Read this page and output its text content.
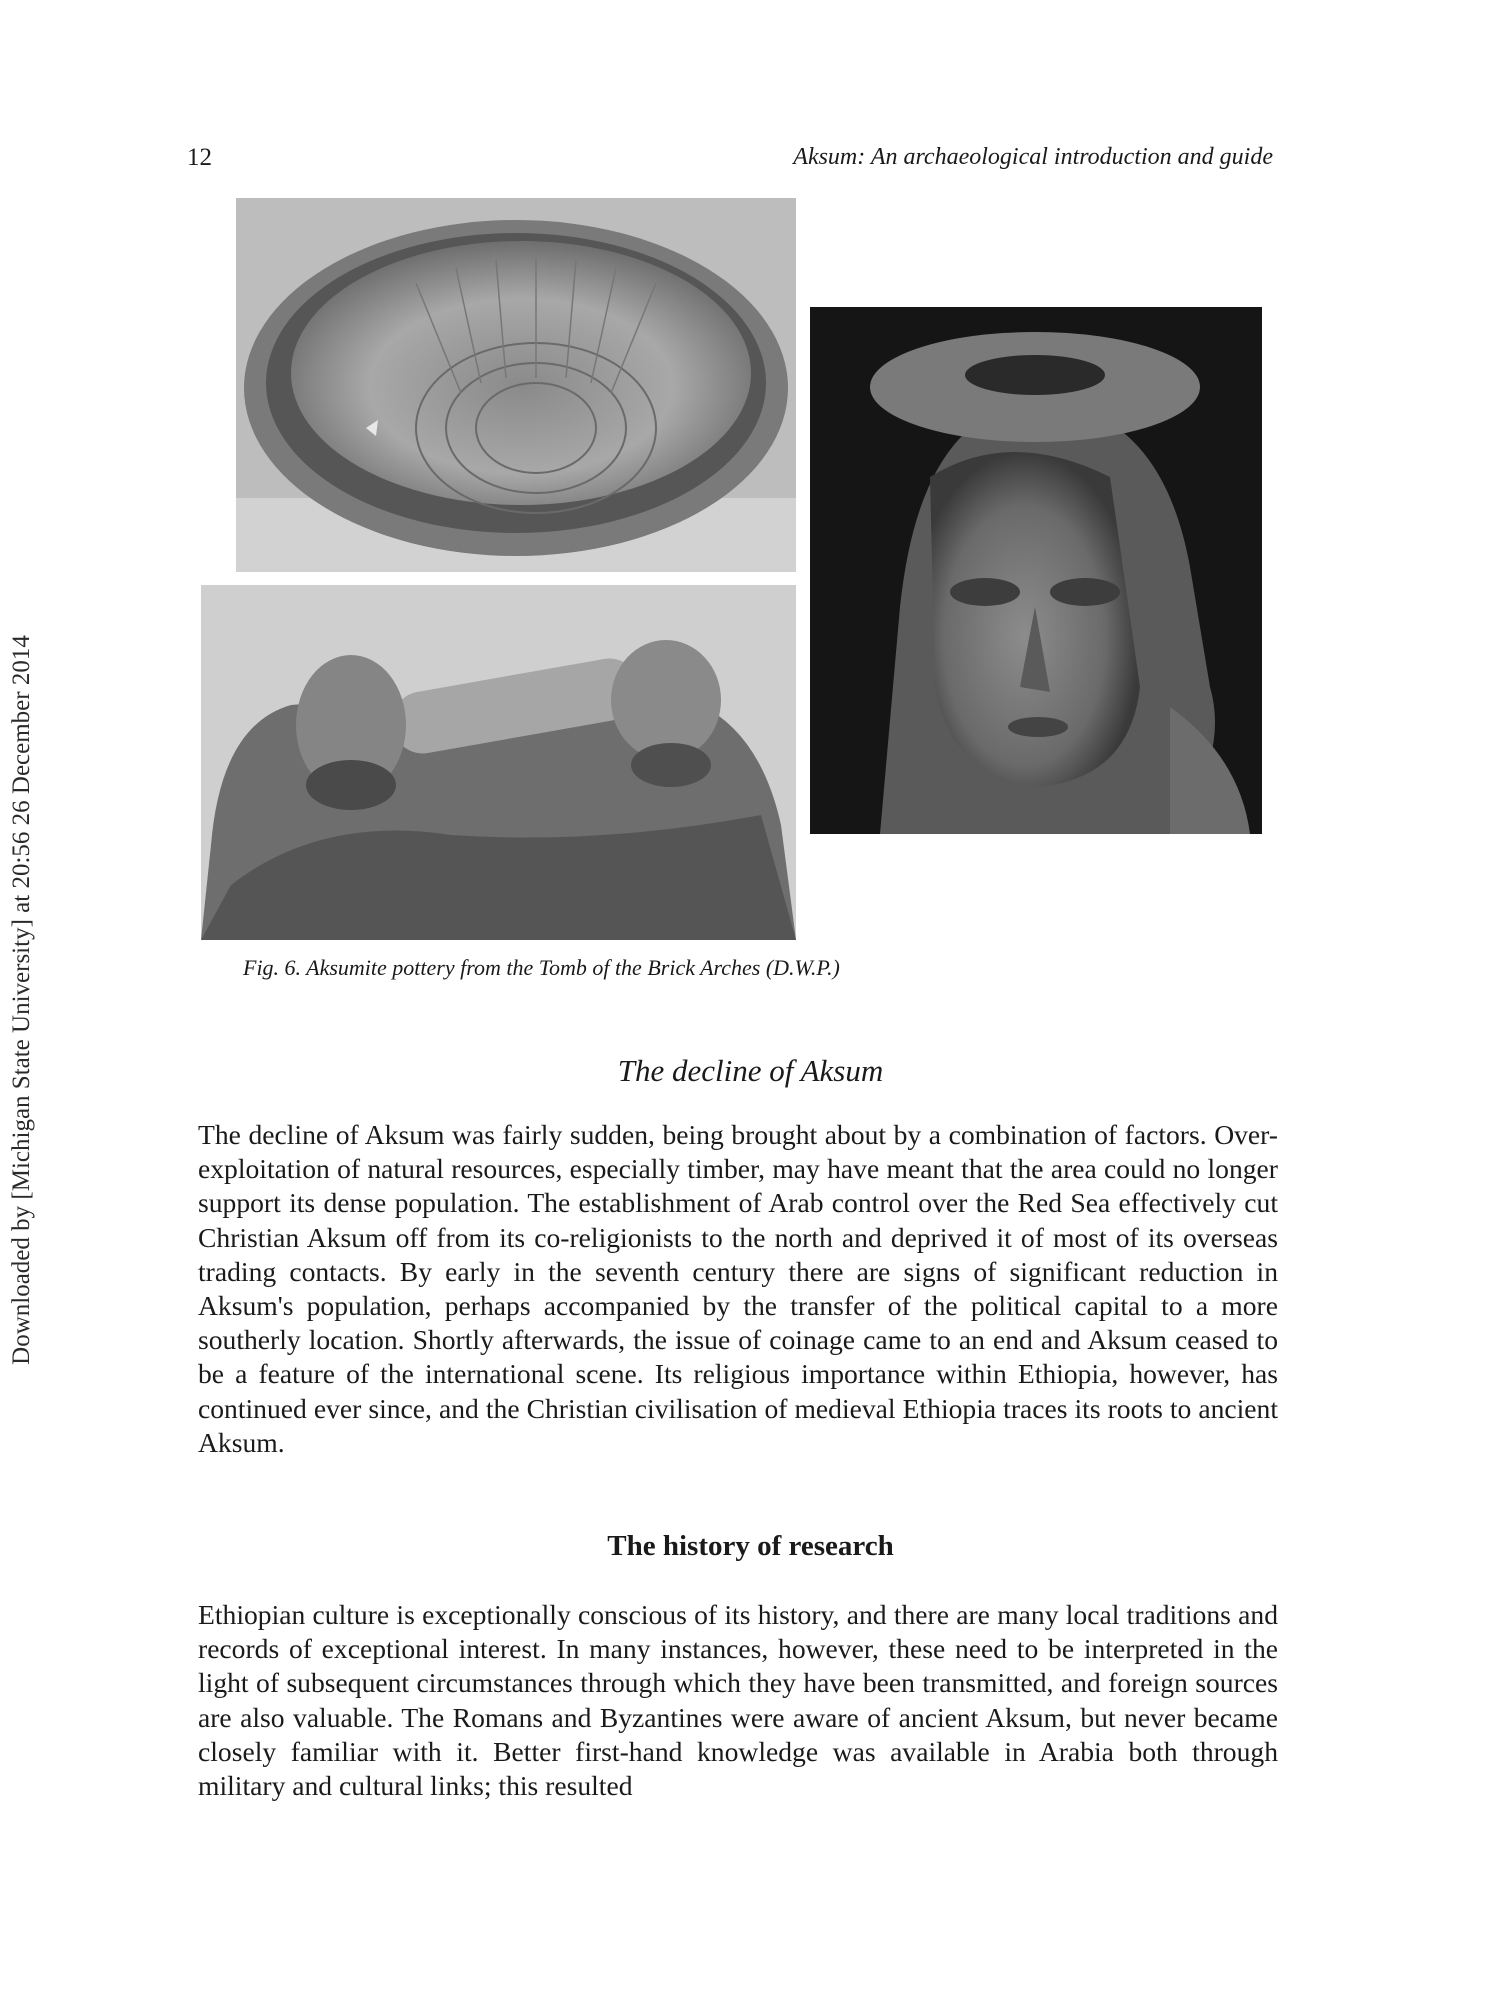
Downloaded by [Michigan State University] at 20:56 26 December 2014
12	Aksum: An archaeological introduction and guide
Fig. 6. Aksumite pottery from the Tomb of the Brick Arches (D.W.P.)
The decline of Aksum
The decline of Aksum was fairly sudden, being brought about by a combination of factors. Over-exploitation of natural resources, especially timber, may have meant that the area could no longer support its dense population. The establishment of Arab control over the Red Sea effectively cut Christian Aksum off from its co-religionists to the north and deprived it of most of its overseas trading contacts. By early in the seventh century there are signs of significant reduction in Aksum's population, perhaps accompanied by the transfer of the political capital to a more southerly location. Shortly afterwards, the issue of coinage came to an end and Aksum ceased to be a feature of the international scene. Its religious importance within Ethiopia, however, has continued ever since, and the Christian civilisation of medieval Ethiopia traces its roots to ancient Aksum.
The history of research
Ethiopian culture is exceptionally conscious of its history, and there are many local traditions and records of exceptional interest. In many instances, however, these need to be interpreted in the light of subsequent circumstances through which they have been transmitted, and foreign sources are also valuable. The Romans and Byzantines were aware of ancient Aksum, but never became closely familiar with it. Better first-hand knowledge was available in Arabia both through military and cultural links; this resulted
